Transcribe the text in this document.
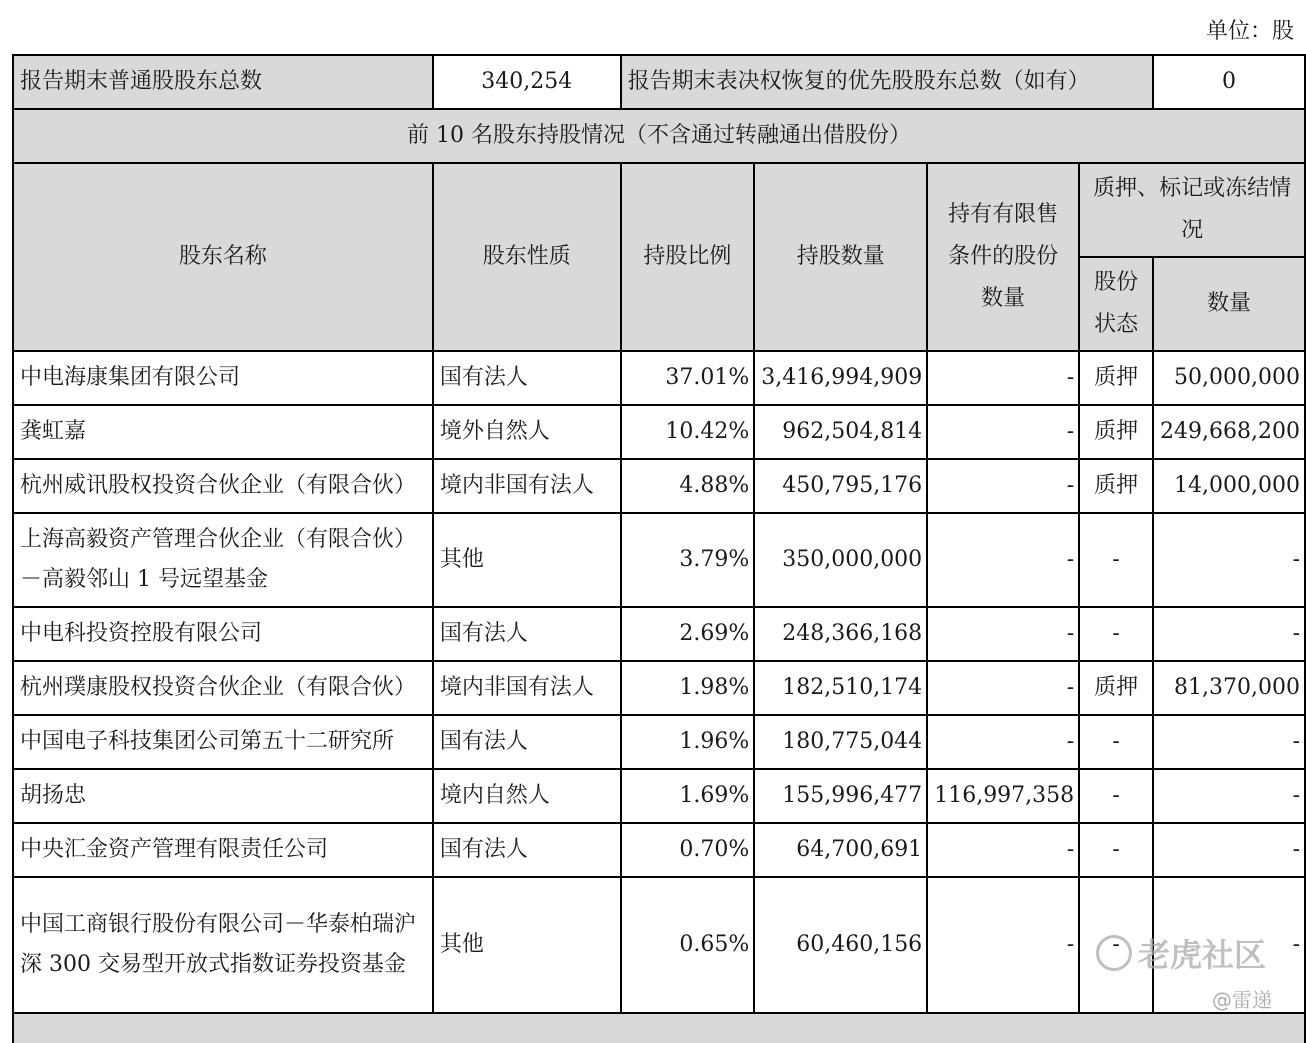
单位：股
报告期末普通股股东总数	340,254	报告期末表决权恢复的优先股股东总数（如有）				0
前 10 名股东持股情况（不含通过转融通出借股份）						
股东名称	股东性质	持股比例	持股数量	持有有限售条件的股份数量	质押、标记或冻结情况	
					股份状态	数量
中电海康集团有限公司	国有法人	37.01%	3,416,994,909	-	质押	50,000,000
龚虹嘉	境外自然人	10.42%	962,504,814	-	质押	249,668,200
杭州威讯股权投资合伙企业（有限合伙）	境内非国有法人	4.88%	450,795,176	-	质押	14,000,000
上海高毅资产管理合伙企业（有限合伙）－高毅邻山 1 号远望基金	其他	3.79%	350,000,000	-	-	-
中电科投资控股有限公司	国有法人	2.69%	248,366,168	-	-	-
杭州璞康股权投资合伙企业（有限合伙）	境内非国有法人	1.98%	182,510,174	-	质押	81,370,000
中国电子科技集团公司第五十二研究所	国有法人	1.96%	180,775,044	-	-	-
胡扬忠	境内自然人	1.69%	155,996,477	116,997,358	-	-
中央汇金资产管理有限责任公司	国有法人	0.70%	64,700,691	-	-	-
中国工商银行股份有限公司－华泰柏瑞沪深 300 交易型开放式指数证券投资基金	其他	0.65%	60,460,156	-	-	-

老虎社区
@雷递
